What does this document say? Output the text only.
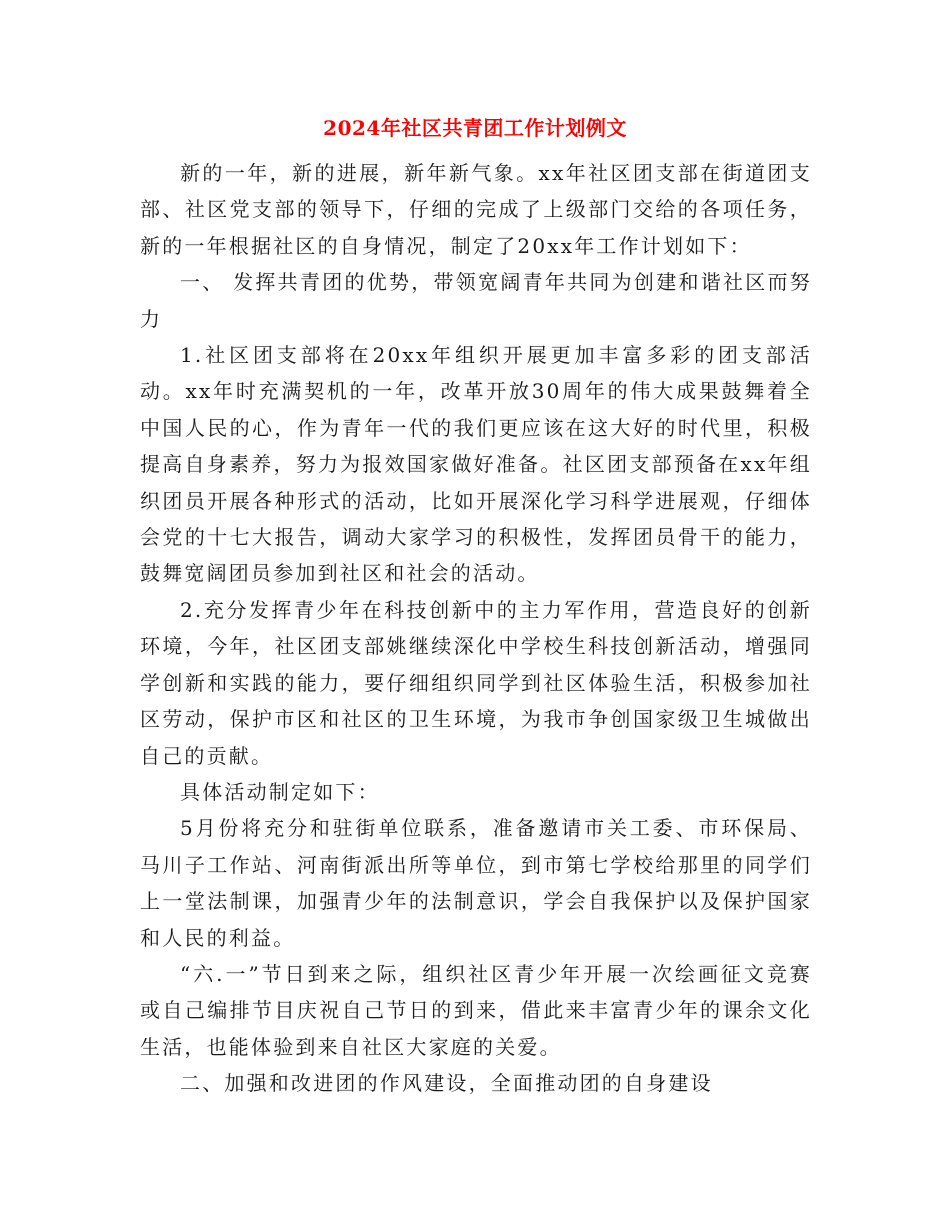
2024年社区共青团工作计划例文

新的一年，新的进展，新年新气象。xx年社区团支部在街道团支部、社区党支部的领导下，仔细的完成了上级部门交给的各项任务，新的一年根据社区的自身情况，制定了20xx年工作计划如下：

一、 发挥共青团的优势，带领宽阔青年共同为创建和谐社区而努力

1.社区团支部将在20xx年组织开展更加丰富多彩的团支部活动。xx年时充满契机的一年，改革开放30周年的伟大成果鼓舞着全中国人民的心，作为青年一代的我们更应该在这大好的时代里，积极提高自身素养，努力为报效国家做好准备。社区团支部预备在xx年组织团员开展各种形式的活动，比如开展深化学习科学进展观，仔细体会党的十七大报告，调动大家学习的积极性，发挥团员骨干的能力，鼓舞宽阔团员参加到社区和社会的活动。

2.充分发挥青少年在科技创新中的主力军作用，营造良好的创新环境，今年，社区团支部姚继续深化中学校生科技创新活动，增强同学创新和实践的能力，要仔细组织同学到社区体验生活，积极参加社区劳动，保护市区和社区的卫生环境，为我市争创国家级卫生城做出自己的贡献。

具体活动制定如下：

5月份将充分和驻街单位联系，准备邀请市关工委、市环保局、马川子工作站、河南街派出所等单位，到市第七学校给那里的同学们上一堂法制课，加强青少年的法制意识，学会自我保护以及保护国家和人民的利益。

“六.一”节日到来之际，组织社区青少年开展一次绘画征文竞赛或自己编排节目庆祝自己节日的到来，借此来丰富青少年的课余文化生活，也能体验到来自社区大家庭的关爱。

二、加强和改进团的作风建设，全面推动团的自身建设
